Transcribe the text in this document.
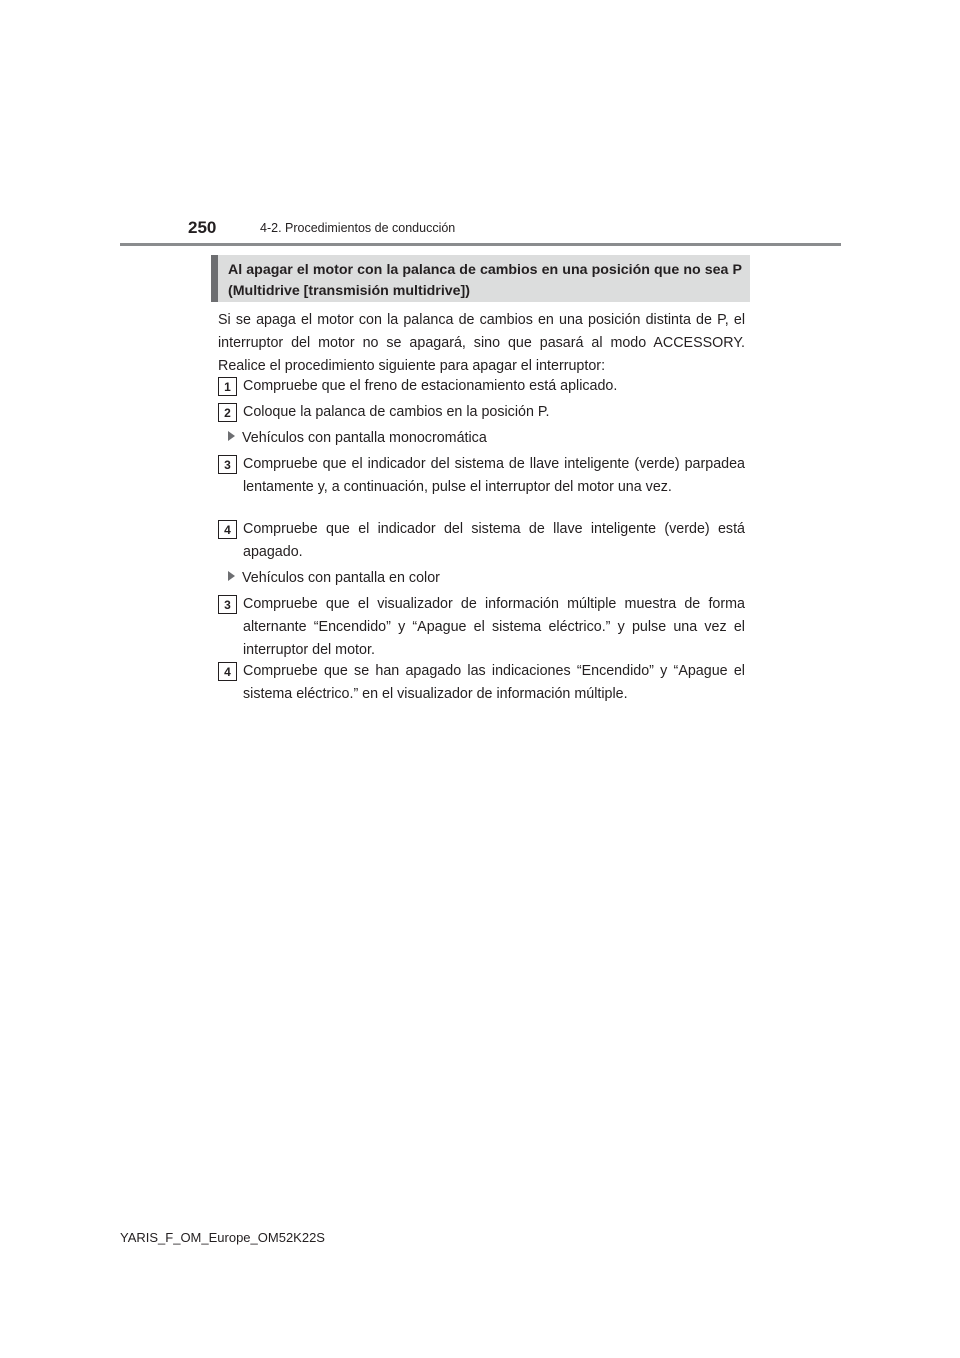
250	4-2. Procedimientos de conducción
Al apagar el motor con la palanca de cambios en una posición que no sea P (Multidrive [transmisión multidrive])
Si se apaga el motor con la palanca de cambios en una posición distinta de P, el interruptor del motor no se apagará, sino que pasará al modo ACCESSORY. Realice el procedimiento siguiente para apagar el interruptor:
1 Compruebe que el freno de estacionamiento está aplicado.
2 Coloque la palanca de cambios en la posición P.
Vehículos con pantalla monocromática
3 Compruebe que el indicador del sistema de llave inteligente (verde) parpadea lentamente y, a continuación, pulse el interruptor del motor una vez.
4 Compruebe que el indicador del sistema de llave inteligente (verde) está apagado.
Vehículos con pantalla en color
3 Compruebe que el visualizador de información múltiple muestra de forma alternante “Encendido” y “Apague el sistema eléctrico.” y pulse una vez el interruptor del motor.
4 Compruebe que se han apagado las indicaciones “Encendido” y “Apague el sistema eléctrico.” en el visualizador de información múltiple.
YARIS_F_OM_Europe_OM52K22S
